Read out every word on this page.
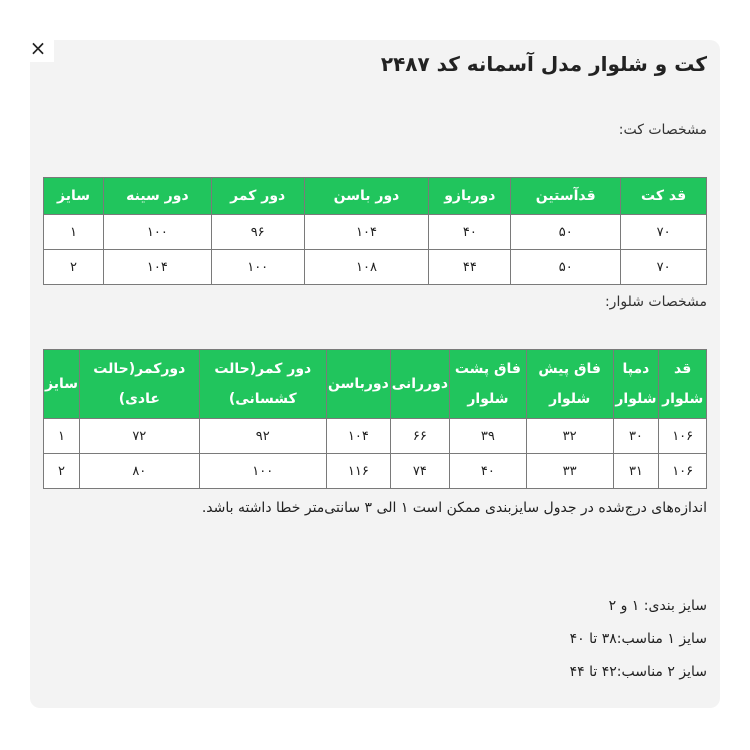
×
کت و شلوار مدل آسمانه کد ۲۴۸۷
مشخصات کت:
قد کت	قدآستین	دوربازو	دور باسن	دور کمر	دور سینه	سایز
۷۰	۵۰	۴۰	۱۰۴	۹۶	۱۰۰	۱
۷۰	۵۰	۴۴	۱۰۸	۱۰۰	۱۰۴	۲
مشخصات شلوار:
قد شلوار	دمپا شلوار	فاق پیش شلوار	فاق پشت شلوار	دوررانی	دورباسن	دور کمر(حالت کشسانی)	دورکمر(حالت عادی)	سایز
۱۰۶	۳۰	۳۲	۳۹	۶۶	۱۰۴	۹۲	۷۲	۱
۱۰۶	۳۱	۳۳	۴۰	۷۴	۱۱۶	۱۰۰	۸۰	۲
اندازه‌های درج‌شده در جدول سایزبندی ممکن است ۱ الی ۳ سانتی‌متر خطا داشته باشد.
سایز بندی: ۱ و ۲
سایز ۱ مناسب:۳۸ تا ۴۰
سایز ۲ مناسب:۴۲ تا ۴۴
